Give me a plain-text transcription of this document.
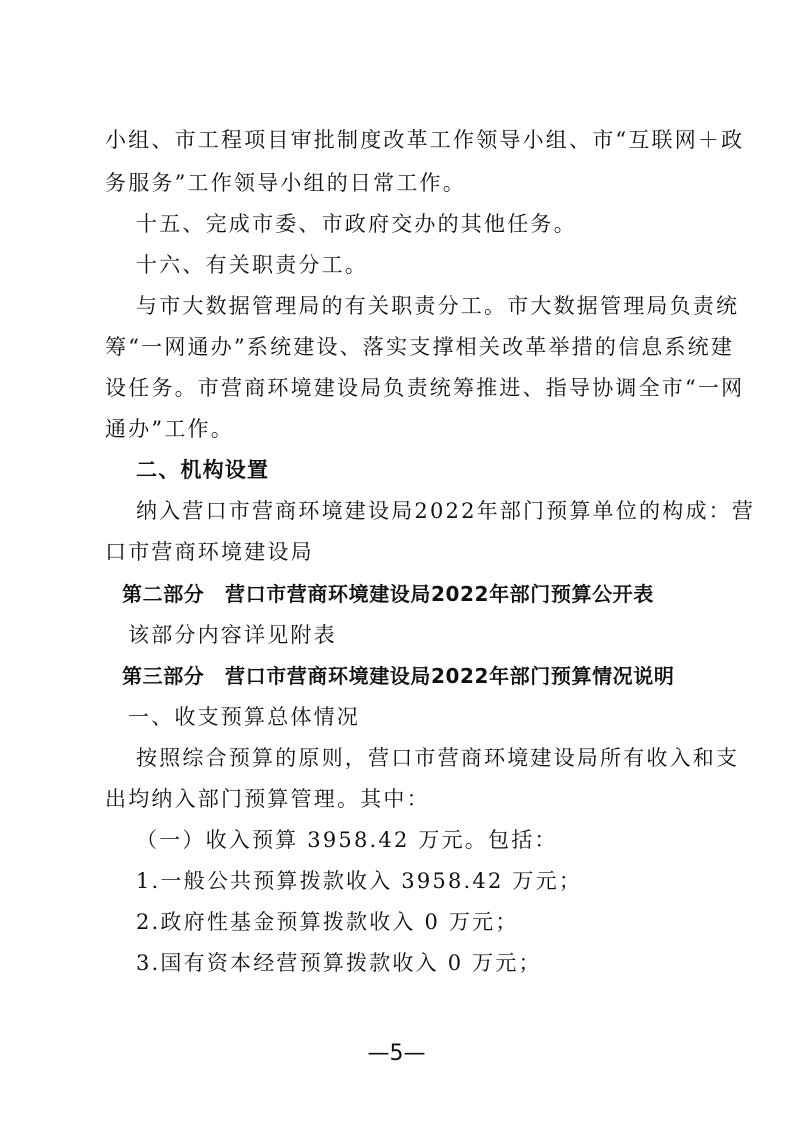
小组、市工程项目审批制度改革工作领导小组、市“互联网＋政
务服务”工作领导小组的日常工作。
十五、完成市委、市政府交办的其他任务。
十六、有关职责分工。
与市大数据管理局的有关职责分工。市大数据管理局负责统
筹“一网通办”系统建设、落实支撑相关改革举措的信息系统建
设任务。市营商环境建设局负责统筹推进、指导协调全市“一网
通办”工作。
二、机构设置
纳入营口市营商环境建设局2022年部门预算单位的构成：营
口市营商环境建设局
第二部分　营口市营商环境建设局2022年部门预算公开表
该部分内容详见附表
第三部分　营口市营商环境建设局2022年部门预算情况说明
一、收支预算总体情况
按照综合预算的原则，营口市营商环境建设局所有收入和支
出均纳入部门预算管理。其中：
（一）收入预算 3958.42 万元。包括：
1.一般公共预算拨款收入 3958.42 万元；
2.政府性基金预算拨款收入 0 万元；
3.国有资本经营预算拨款收入 0 万元；
—5—
